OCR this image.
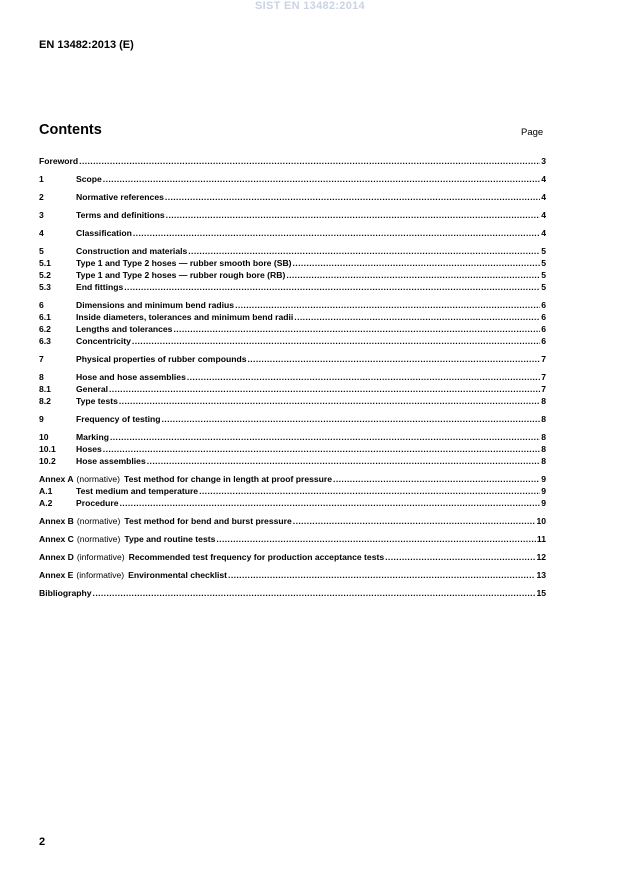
SIST EN 13482:2014
EN 13482:2013 (E)
Contents	Page
Foreword .....	3
1	Scope .....	4
2	Normative references .....	4
3	Terms and definitions .....	4
4	Classification .....	4
5	Construction and materials .....	5
5.1	Type 1 and Type 2 hoses — rubber smooth bore (SB) .....	5
5.2	Type 1 and Type 2 hoses — rubber rough bore (RB) .....	5
5.3	End fittings .....	5
6	Dimensions and minimum bend radius .....	6
6.1	Inside diameters, tolerances and minimum bend radii .....	6
6.2	Lengths and tolerances .....	6
6.3	Concentricity .....	6
7	Physical properties of rubber compounds .....	7
8	Hose and hose assemblies .....	7
8.1	General .....	7
8.2	Type tests .....	8
9	Frequency of testing .....	8
10	Marking .....	8
10.1	Hoses .....	8
10.2	Hose assemblies .....	8
Annex A (normative) Test method for change in length at proof pressure .....	9
A.1	Test medium and temperature .....	9
A.2	Procedure .....	9
Annex B (normative) Test method for bend and burst pressure .....	10
Annex C (normative) Type and routine tests .....	11
Annex D (informative) Recommended test frequency for production acceptance tests .....	12
Annex E (informative) Environmental checklist .....	13
Bibliography .....	15
2
